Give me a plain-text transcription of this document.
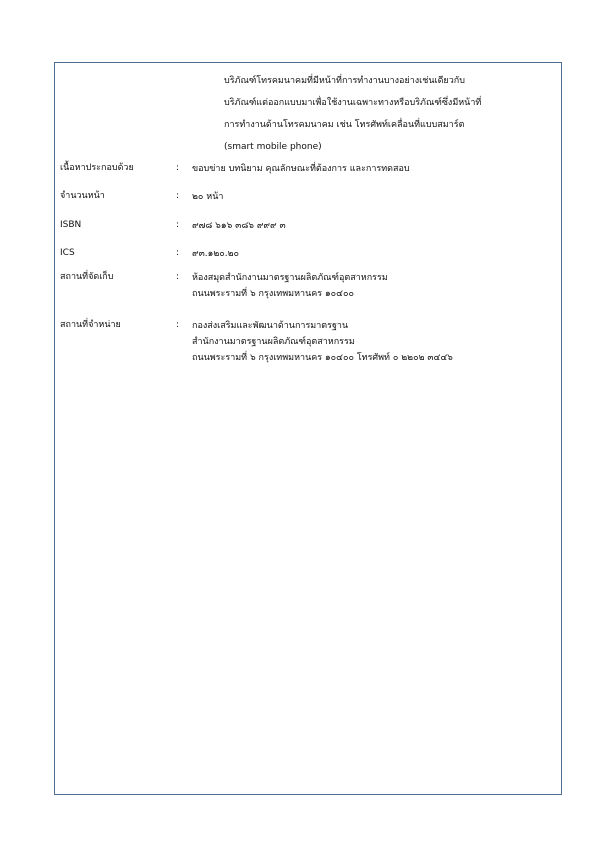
บริภัณฑ์โทรคมนาคมที่มีหน้าที่การทำงานบางอย่างเช่นเดียวกับ
บริภัณฑ์แต่ออกแบบมาเพื่อใช้งานเฉพาะทางหรือบริภัณฑ์ซึ่งมีหน้าที่
การทำงานด้านโทรคมนาคม เช่น โทรศัพท์เคลื่อนที่แบบสมาร์ต
(smart mobile phone)
เนื้อหาประกอบด้วย	:	ขอบข่าย บทนิยาม คุณลักษณะที่ต้องการ และการทดสอบ
จำนวนหน้า	:	๒๐ หน้า
ISBN	:	๙๗๘ ๖๑๖ ๓๘๖ ๙๙๙ ๓
ICS	:	๙๓.๑๒๐.๒๐
สถานที่จัดเก็บ	:	ห้องสมุดสำนักงานมาตรฐานผลิตภัณฑ์อุตสาหกรรม
ถนนพระรามที่ ๖ กรุงเทพมหานคร ๑๐๔๐๐
สถานที่จำหน่าย	:	กองส่งเสริมและพัฒนาด้านการมาตรฐาน
สำนักงานมาตรฐานผลิตภัณฑ์อุตสาหกรรม
ถนนพระรามที่ ๖ กรุงเทพมหานคร ๑๐๔๐๐ โทรศัพท์ ๐ ๒๒๐๒ ๓๔๔๖
